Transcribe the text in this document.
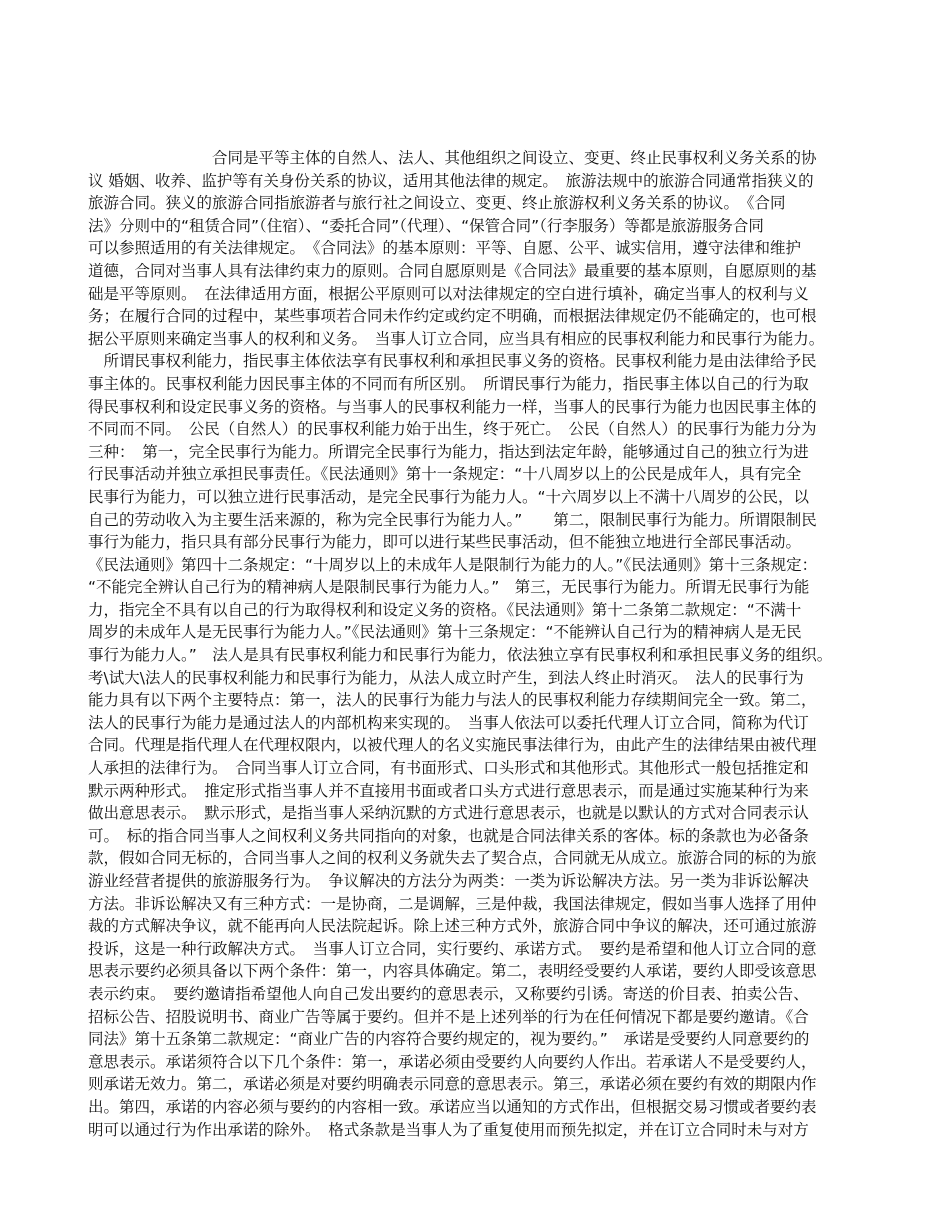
　　　　　　　　合同是平等主体的自然人、法人、其他组织之间设立、变更、终止民事权利义务关系的协
议 婚姻、收养、监护等有关身份关系的协议，适用其他法律的规定。　旅游法规中的旅游合同通常指狭义的
旅游合同。狭义的旅游合同指旅游者与旅行社之间设立、变更、终止旅游权利义务关系的协议。　《合同
法》分则中的“租赁合同”（住宿）、“委托合同”（代理）、“保管合同”（行李服务）等都是旅游服务合同
可以参照适用的有关法律规定。　《合同法》的基本原则：平等、自愿、公平、诚实信用，遵守法律和维护
道德，合同对当事人具有法律约束力的原则。合同自愿原则是《合同法》最重要的基本原则，自愿原则的基
础是平等原则。　在法律适用方面，根据公平原则可以对法律规定的空白进行填补，确定当事人的权利与义
务；在履行合同的过程中，某些事项若合同未作约定或约定不明确，而根据法律规定仍不能确定的，也可根
据公平原则来确定当事人的权利和义务。　当事人订立合同，应当具有相应的民事权利能力和民事行为能力。
　所谓民事权利能力，指民事主体依法享有民事权利和承担民事义务的资格。民事权利能力是由法律给予民
事主体的。民事权利能力因民事主体的不同而有所区别。　所谓民事行为能力，指民事主体以自己的行为取
得民事权利和设定民事义务的资格。与当事人的民事权利能力一样，当事人的民事行为能力也因民事主体的
不同而不同。　公民（自然人）的民事权利能力始于出生，终于死亡。　公民（自然人）的民事行为能力分为
三种：　第一，完全民事行为能力。所谓完全民事行为能力，指达到法定年龄，能够通过自己的独立行为进
行民事活动并独立承担民事责任。《民法通则》第十一条规定：“十八周岁以上的公民是成年人，具有完全
民事行为能力，可以独立进行民事活动，是完全民事行为能力人。“十六周岁以上不满十八周岁的公民，以
自己的劳动收入为主要生活来源的，称为完全民事行为能力人。”　　第二，限制民事行为能力。所谓限制民
事行为能力，指只具有部分民事行为能力，即可以进行某些民事活动，但不能独立地进行全部民事活动。
《民法通则》第四十二条规定：“十周岁以上的未成年人是限制行为能力的人。”《民法通则》第十三条规定：
“不能完全辨认自己行为的精神病人是限制民事行为能力人。”　第三，无民事行为能力。所谓无民事行为能
力，指完全不具有以自己的行为取得权利和设定义务的资格。《民法通则》第十二条第二款规定：“不满十
周岁的未成年人是无民事行为能力人。”《民法通则》第十三条规定：“不能辨认自己行为的精神病人是无民
事行为能力人。”　法人是具有民事权利能力和民事行为能力，依法独立享有民事权利和承担民事义务的组织。
考\试大\法人的民事权利能力和民事行为能力，从法人成立时产生，到法人终止时消灭。　法人的民事行为
能力具有以下两个主要特点：第一，法人的民事行为能力与法人的民事权利能力存续期间完全一致。第二，
法人的民事行为能力是通过法人的内部机构来实现的。　当事人依法可以委托代理人订立合同，简称为代订
合同。代理是指代理人在代理权限内，以被代理人的名义实施民事法律行为，由此产生的法律结果由被代理
人承担的法律行为。　合同当事人订立合同，有书面形式、口头形式和其他形式。其他形式一般包括推定和
默示两种形式。　推定形式指当事人并不直接用书面或者口头方式进行意思表示，而是通过实施某种行为来
做出意思表示。　默示形式，是指当事人采纳沉默的方式进行意思表示，也就是以默认的方式对合同表示认
可。　标的指合同当事人之间权利义务共同指向的对象，也就是合同法律关系的客体。标的条款也为必备条
款，假如合同无标的，合同当事人之间的权利义务就失去了契合点，合同就无从成立。旅游合同的标的为旅
游业经营者提供的旅游服务行为。　争议解决的方法分为两类：一类为诉讼解决方法。另一类为非诉讼解决
方法。非诉讼解决又有三种方式：一是协商，二是调解，三是仲裁，我国法律规定，假如当事人选择了用仲
裁的方式解决争议，就不能再向人民法院起诉。除上述三种方式外，旅游合同中争议的解决，还可通过旅游
投诉，这是一种行政解决方式。　当事人订立合同，实行要约、承诺方式。　要约是希望和他人订立合同的意
思表示要约必须具备以下两个条件：第一，内容具体确定。第二，表明经受要约人承诺，要约人即受该意思
表示约束。　要约邀请指希望他人向自己发出要约的意思表示，又称要约引诱。寄送的价目表、拍卖公告、
招标公告、招股说明书、商业广告等属于要约。但并不是上述列举的行为在任何情况下都是要约邀请。《合
同法》第十五条第二款规定：“商业广告的内容符合要约规定的，视为要约。”　承诺是受要约人同意要约的
意思表示。承诺须符合以下几个条件：第一，承诺必须由受要约人向要约人作出。若承诺人不是受要约人，
则承诺无效力。第二，承诺必须是对要约明确表示同意的意思表示。第三，承诺必须在要约有效的期限内作
出。第四，承诺的内容必须与要约的内容相一致。承诺应当以通知的方式作出，但根据交易习惯或者要约表
明可以通过行为作出承诺的除外。　格式条款是当事人为了重复使用而预先拟定，并在订立合同时未与对方
